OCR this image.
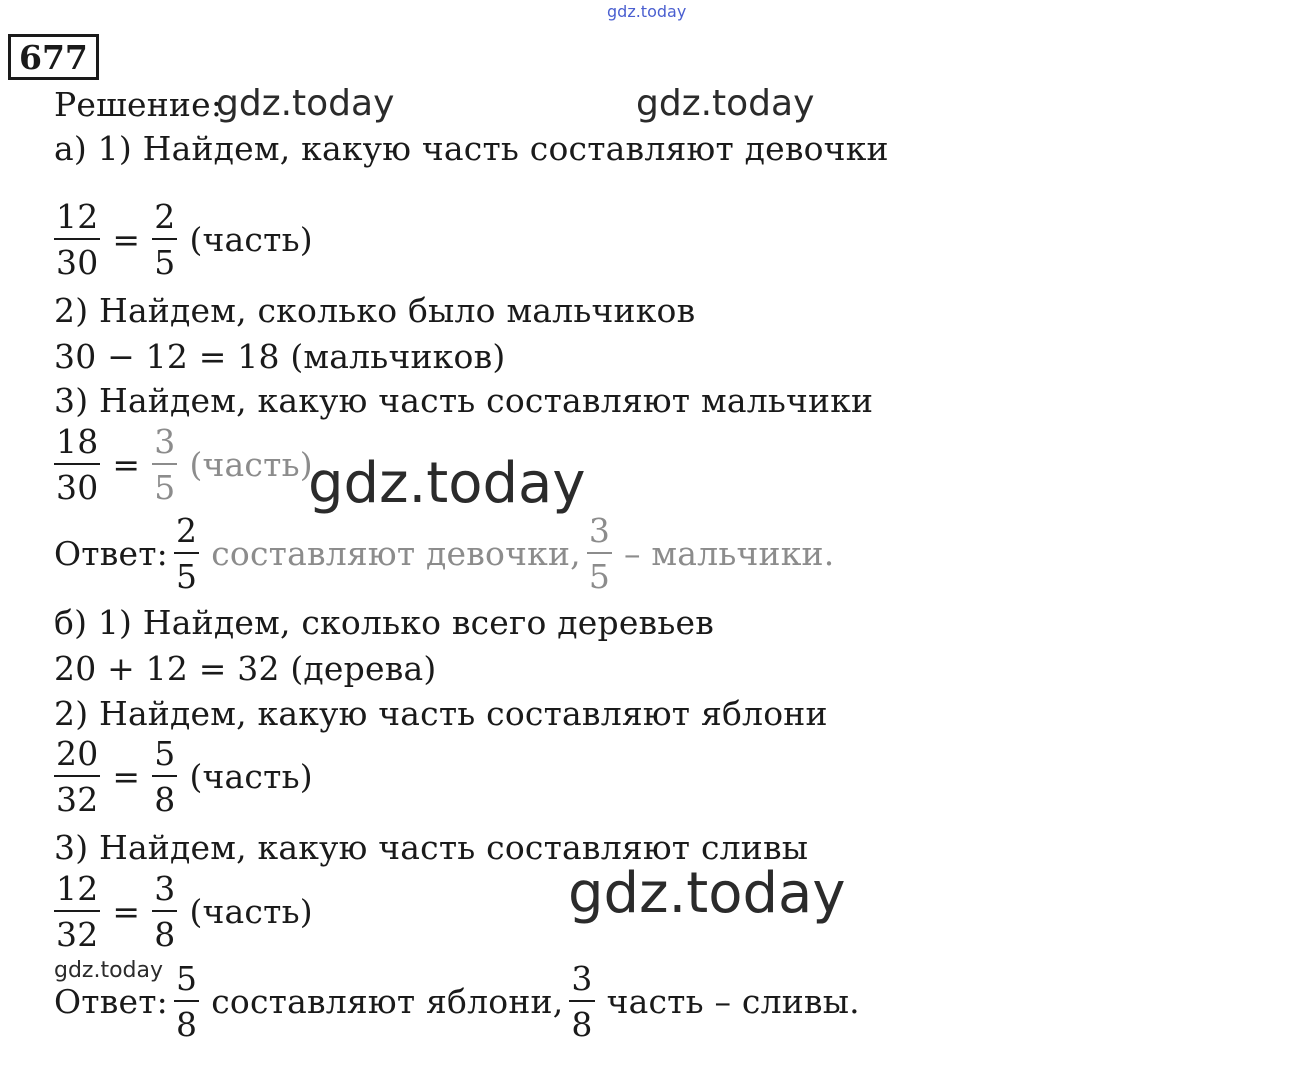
gdz.today
gdz.today	gdz.today
gdz.today
gdz.today
gdz.today
677
Решение:
а) 1) Найдем, какую часть составляют девочки
$\frac{12}{30} = \frac{2}{5}$ (часть)
2) Найдем, сколько было мальчиков
30 − 12 = 18 (мальчиков)
3) Найдем, какую часть составляют мальчики
$\frac{18}{30} = \frac{3}{5}$ (часть)
Ответ: $\frac{2}{5}$ составляют девочки, $\frac{3}{5}$ – мальчики.
б) 1) Найдем, сколько всего деревьев
20 + 12 = 32 (дерева)
2) Найдем, какую часть составляют яблони
$\frac{20}{32} = \frac{5}{8}$ (часть)
3) Найдем, какую часть составляют сливы
$\frac{12}{32} = \frac{3}{8}$ (часть)
Ответ: $\frac{5}{8}$ составляют яблони, $\frac{3}{8}$ часть – сливы.
